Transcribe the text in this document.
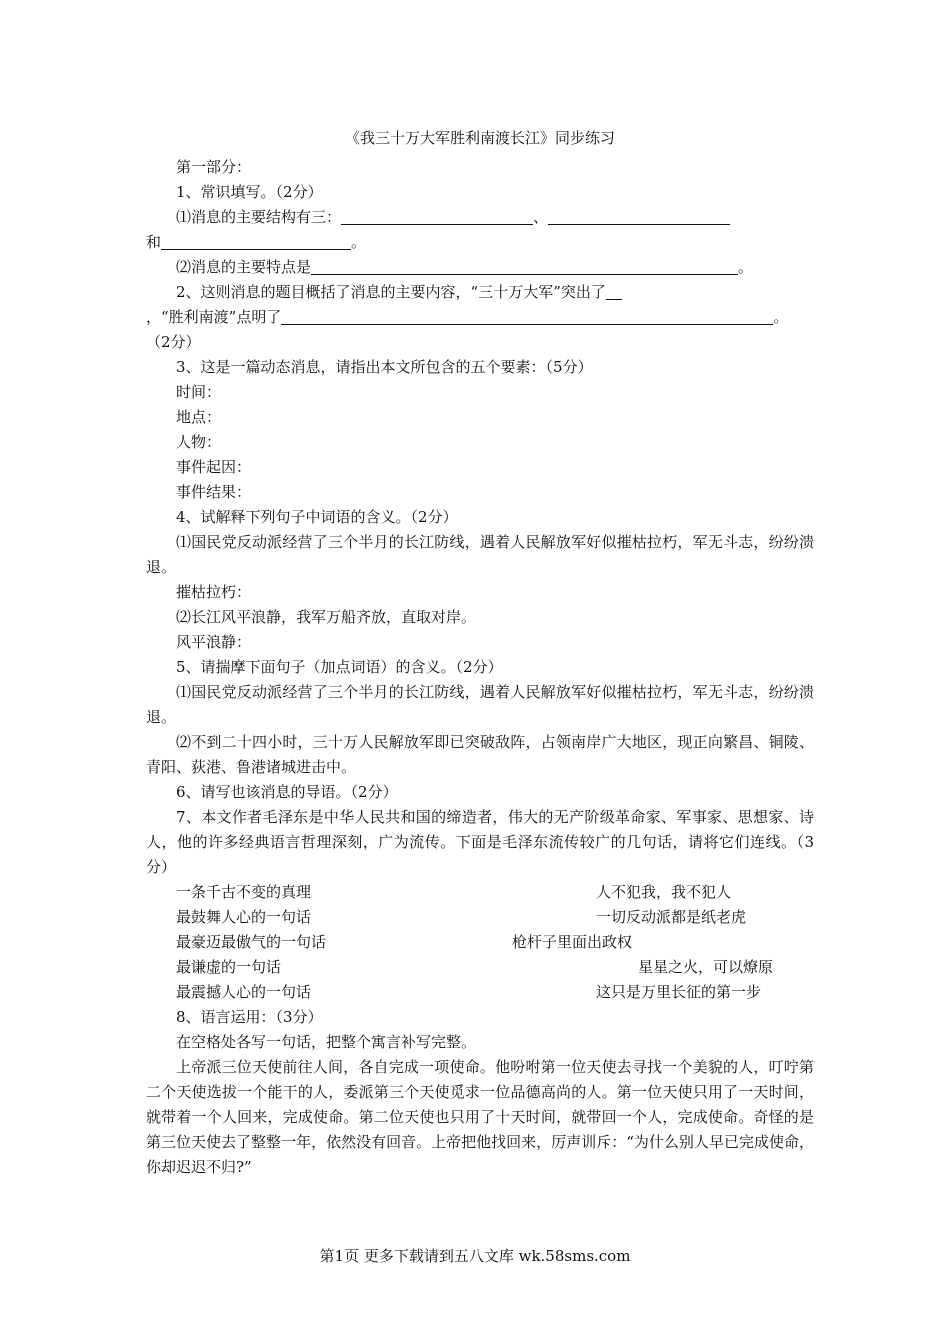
《我三十万大军胜利南渡长江》同步练习

第一部分：

1、常识填写。（2分）

⑴消息的主要结构有三：	、

和	。

⑵消息的主要特点是	。

2、这则消息的题目概括了消息的主要内容，“三十万大军”突出了

，“胜利南渡”点明了	。

（2分）

3、这是一篇动态消息，请指出本文所包含的五个要素：（5分）

时间：

地点：

人物：

事件起因：

事件结果：

4、试解释下列句子中词语的含义。（2分）

⑴国民党反动派经营了三个半月的长江防线，遇着人民解放军好似摧枯拉朽，军无斗志，纷纷溃退。

摧枯拉朽：

⑵长江风平浪静，我军万船齐放，直取对岸。

风平浪静：

5、请揣摩下面句子（加点词语）的含义。（2分）

⑴国民党反动派经营了三个半月的长江防线，遇着人民解放军好似摧枯拉朽，军无斗志，纷纷溃退。

⑵不到二十四小时，三十万人民解放军即已突破敌阵，占领南岸广大地区，现正向繁昌、铜陵、青阳、荻港、鲁港诸城进击中。

6、请写也该消息的导语。（2分）

7、本文作者毛泽东是中华人民共和国的缔造者，伟大的无产阶级革命家、军事家、思想家、诗人，他的许多经典语言哲理深刻，广为流传。下面是毛泽东流传较广的几句话，请将它们连线。（3分）

一条千古不变的真理	人不犯我，我不犯人
最鼓舞人心的一句话	一切反动派都是纸老虎
最豪迈最傲气的一句话	枪杆子里面出政权
最谦虚的一句话	星星之火，可以燎原
最震撼人心的一句话	这只是万里长征的第一步

8、语言运用：（3分）

在空格处各写一句话，把整个寓言补写完整。

上帝派三位天使前往人间，各自完成一项使命。他吩咐第一位天使去寻找一个美貌的人，叮咛第二个天使选拔一个能干的人，委派第三个天使觅求一位品德高尚的人。第一位天使只用了一天时间，就带着一个人回来，完成使命。第二位天使也只用了十天时间，就带回一个人，完成使命。奇怪的是第三位天使去了整整一年，依然没有回音。上帝把他找回来，厉声训斥：“为什么别人早已完成使命，你却迟迟不归?”

第1页 更多下载请到五八文库 wk.58sms.com
